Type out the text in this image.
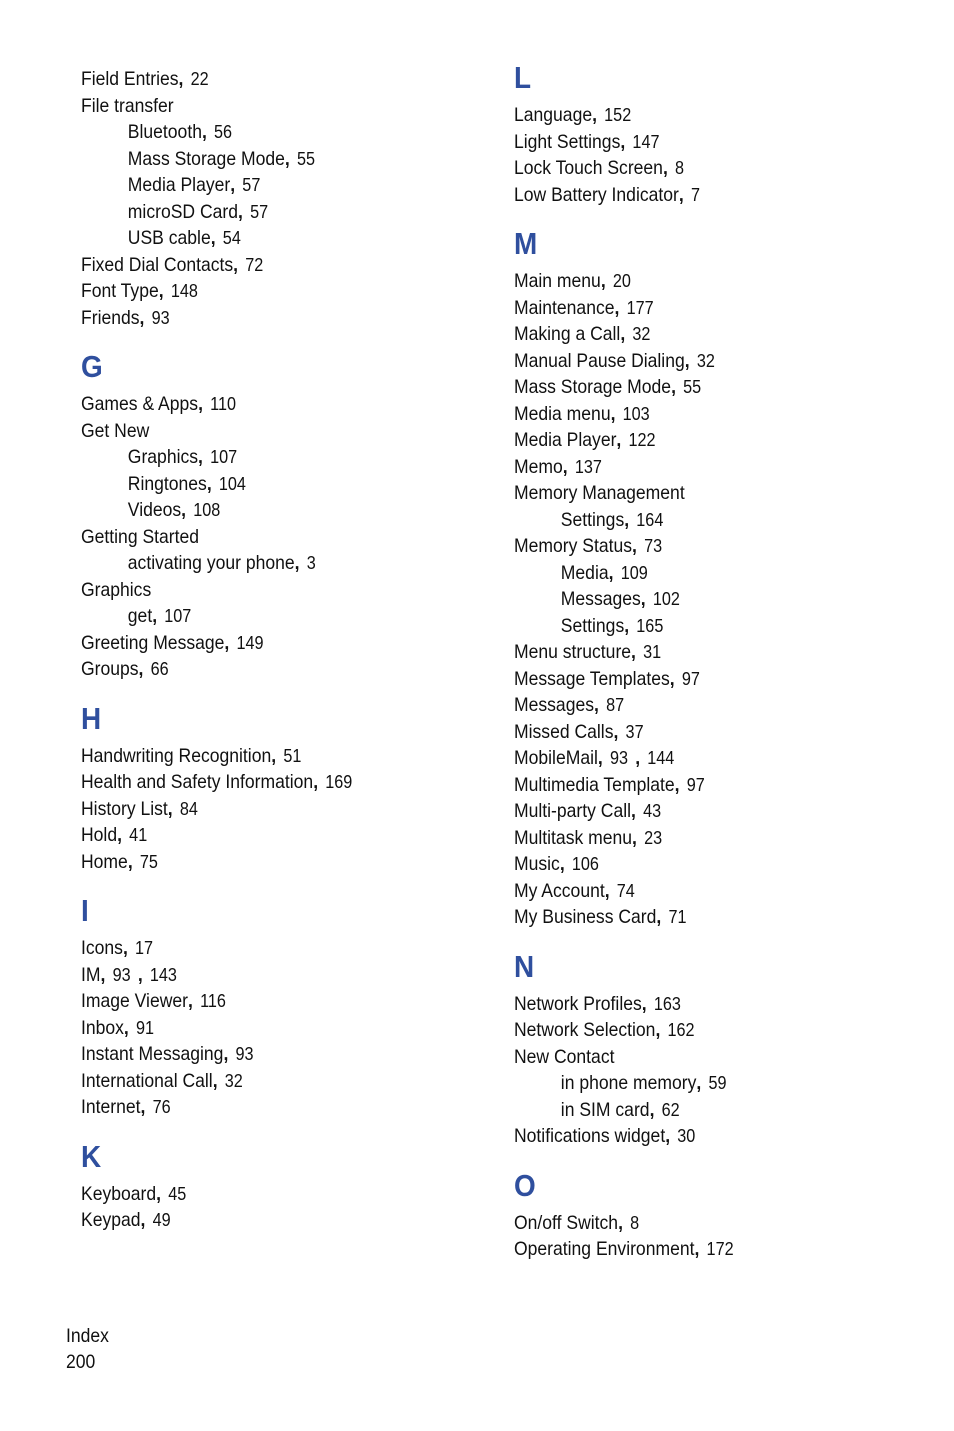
Field Entries, 22
File transfer
Bluetooth, 56
Mass Storage Mode, 55
Media Player, 57
microSD Card, 57
USB cable, 54
Fixed Dial Contacts, 72
Font Type, 148
Friends, 93
G
Games & Apps, 110
Get New
Graphics, 107
Ringtones, 104
Videos, 108
Getting Started
activating your phone, 3
Graphics
get, 107
Greeting Message, 149
Groups, 66
H
Handwriting Recognition, 51
Health and Safety Information, 169
History List, 84
Hold, 41
Home, 75
I
Icons, 17
IM, 93 , 143
Image Viewer, 116
Inbox, 91
Instant Messaging, 93
International Call, 32
Internet, 76
K
Keyboard, 45
Keypad, 49
L
Language, 152
Light Settings, 147
Lock Touch Screen, 8
Low Battery Indicator, 7
M
Main menu, 20
Maintenance, 177
Making a Call, 32
Manual Pause Dialing, 32
Mass Storage Mode, 55
Media menu, 103
Media Player, 122
Memo, 137
Memory Management
Settings, 164
Memory Status, 73
Media, 109
Messages, 102
Settings, 165
Menu structure, 31
Message Templates, 97
Messages, 87
Missed Calls, 37
MobileMail, 93 , 144
Multimedia Template, 97
Multi-party Call, 43
Multitask menu, 23
Music, 106
My Account, 74
My Business Card, 71
N
Network Profiles, 163
Network Selection, 162
New Contact
in phone memory, 59
in SIM card, 62
Notifications widget, 30
O
On/off Switch, 8
Operating Environment, 172
Index
200
